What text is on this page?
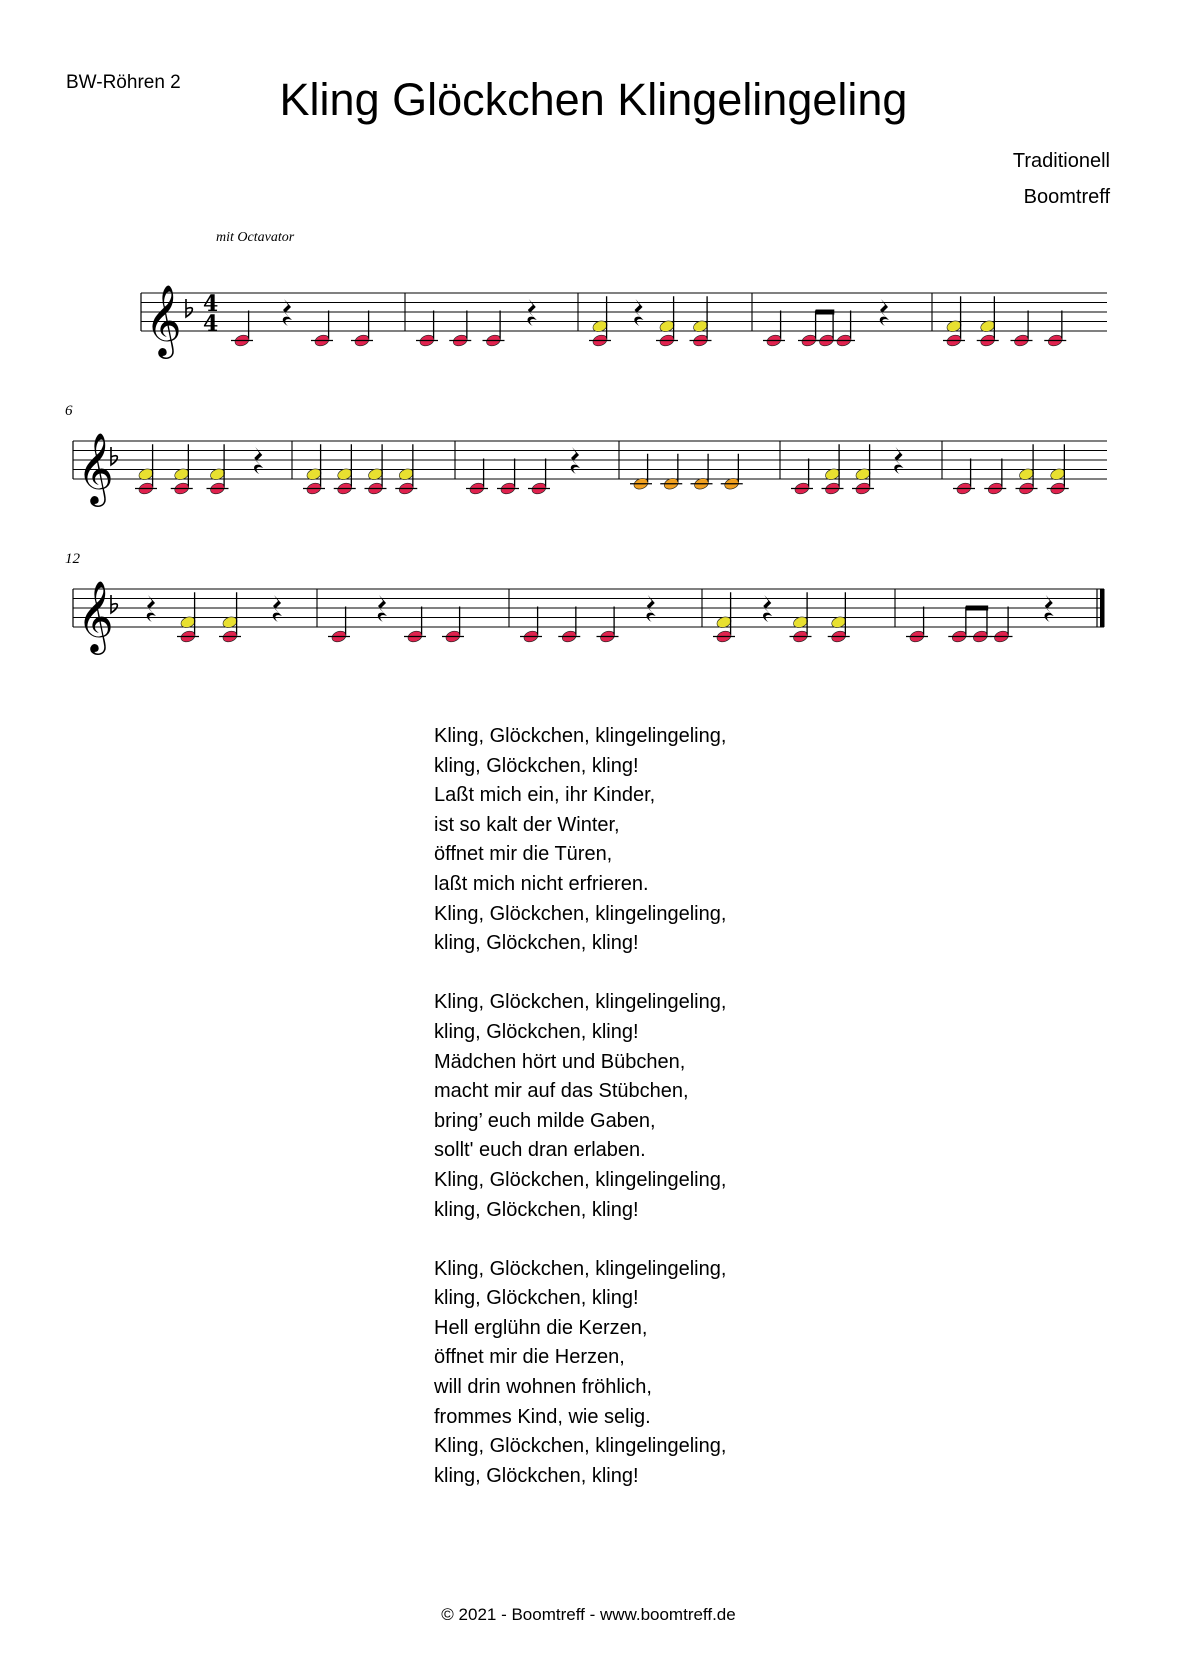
BW-Röhren 2	Kling Glöckchen Klingelingeling
Traditionell
Boomtreff
mit Octavator
𝄞 4
4
𝄞
6
𝄞
12
Kling, Glöckchen, klingelingeling,
kling, Glöckchen, kling!
Laßt mich ein, ihr Kinder,
ist so kalt der Winter,
öffnet mir die Türen,
laßt mich nicht erfrieren.
Kling, Glöckchen, klingelingeling,
kling, Glöckchen, kling!
Kling, Glöckchen, klingelingeling,
kling, Glöckchen, kling!
Mädchen hört und Bübchen,
macht mir auf das Stübchen,
bring’ euch milde Gaben,
sollt' euch dran erlaben.
Kling, Glöckchen, klingelingeling,
kling, Glöckchen, kling!
Kling, Glöckchen, klingelingeling,
kling, Glöckchen, kling!
Hell erglühn die Kerzen,
öffnet mir die Herzen,
will drin wohnen fröhlich,
frommes Kind, wie selig.
Kling, Glöckchen, klingelingeling,
kling, Glöckchen, kling!
© 2021 - Boomtreff - www.boomtreff.de
